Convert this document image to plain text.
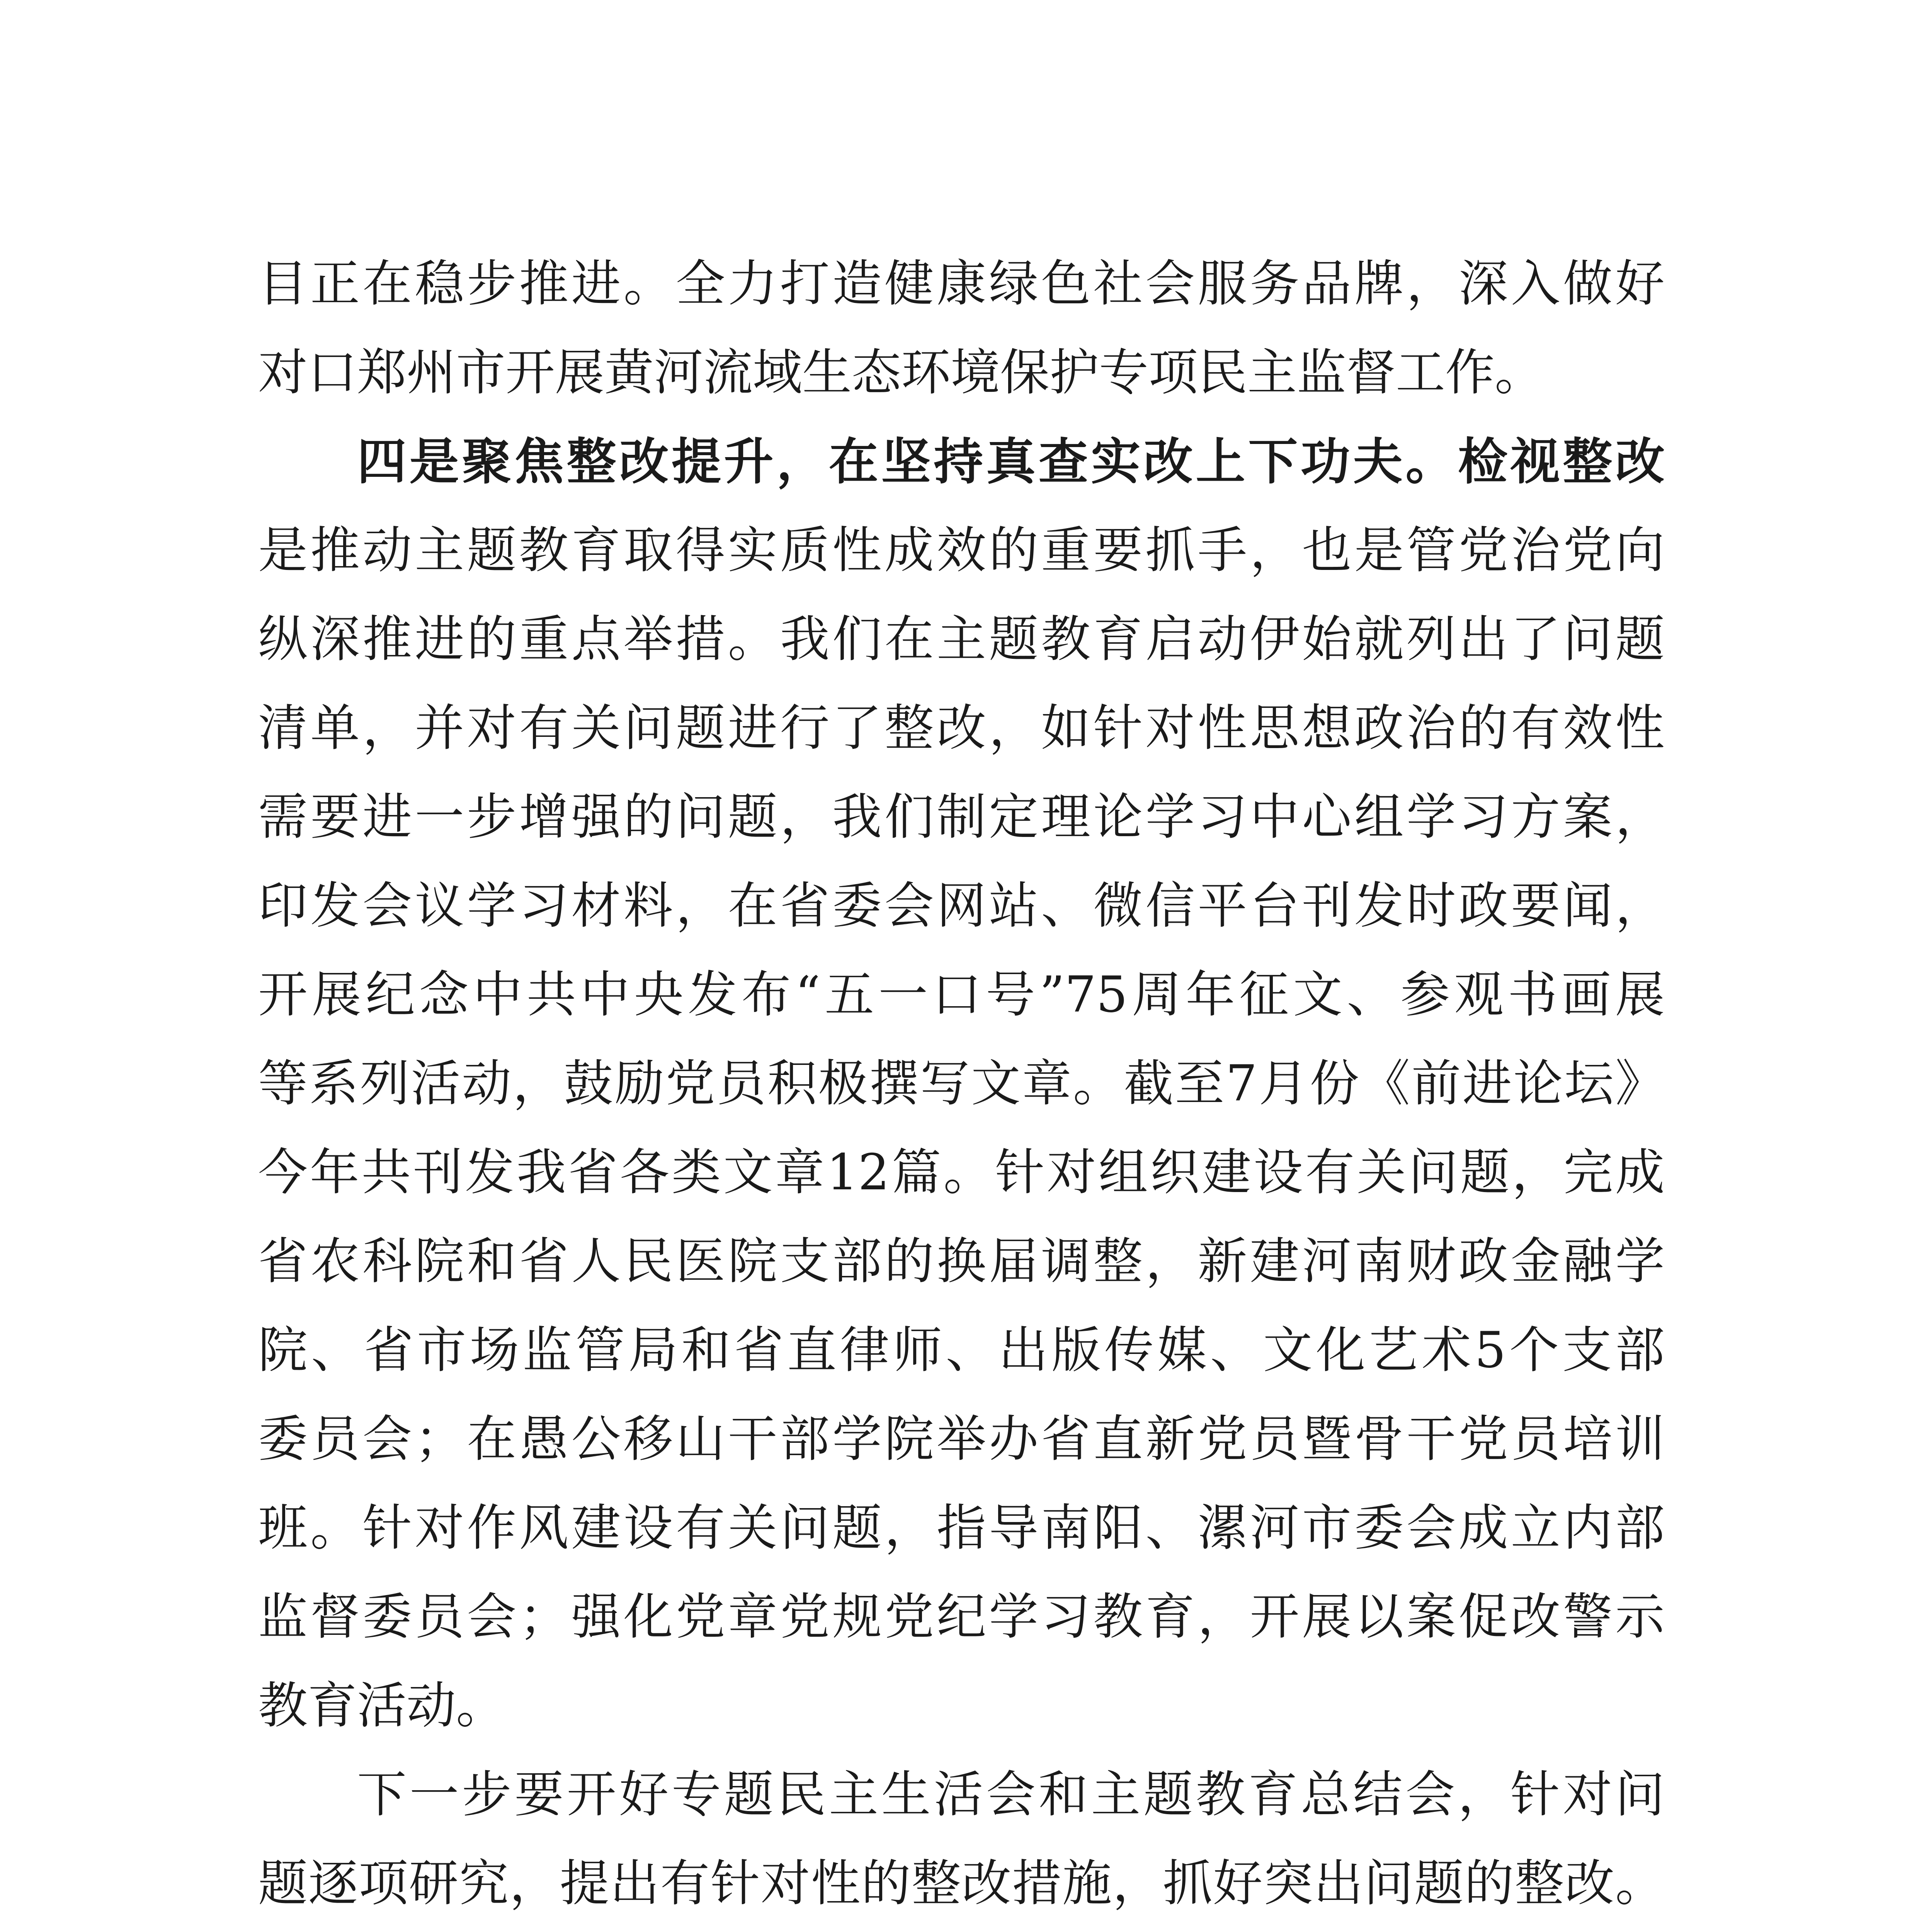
目正在稳步推进。全力打造健康绿色社会服务品牌，深入做好
对口郑州市开展黄河流域生态环境保护专项民主监督工作。
四是聚焦整改提升，在坚持真查实改上下功夫。检视整改
是推动主题教育取得实质性成效的重要抓手，也是管党治党向
纵深推进的重点举措。我们在主题教育启动伊始就列出了问题
清单，并对有关问题进行了整改，如针对性思想政治的有效性
需要进一步增强的问题，我们制定理论学习中心组学习方案，
印发会议学习材料，在省委会网站、微信平台刊发时政要闻，
开展纪念中共中央发布“五一口号”75周年征文、参观书画展
等系列活动，鼓励党员积极撰写文章。截至7月份《前进论坛》
今年共刊发我省各类文章12篇。针对组织建设有关问题，完成
省农科院和省人民医院支部的换届调整，新建河南财政金融学
院、省市场监管局和省直律师、出版传媒、文化艺术5个支部
委员会；在愚公移山干部学院举办省直新党员暨骨干党员培训
班。针对作风建设有关问题，指导南阳、漯河市委会成立内部
监督委员会；强化党章党规党纪学习教育，开展以案促改警示
教育活动。
下一步要开好专题民主生活会和主题教育总结会，针对问
题逐项研究，提出有针对性的整改措施，抓好突出问题的整改。
